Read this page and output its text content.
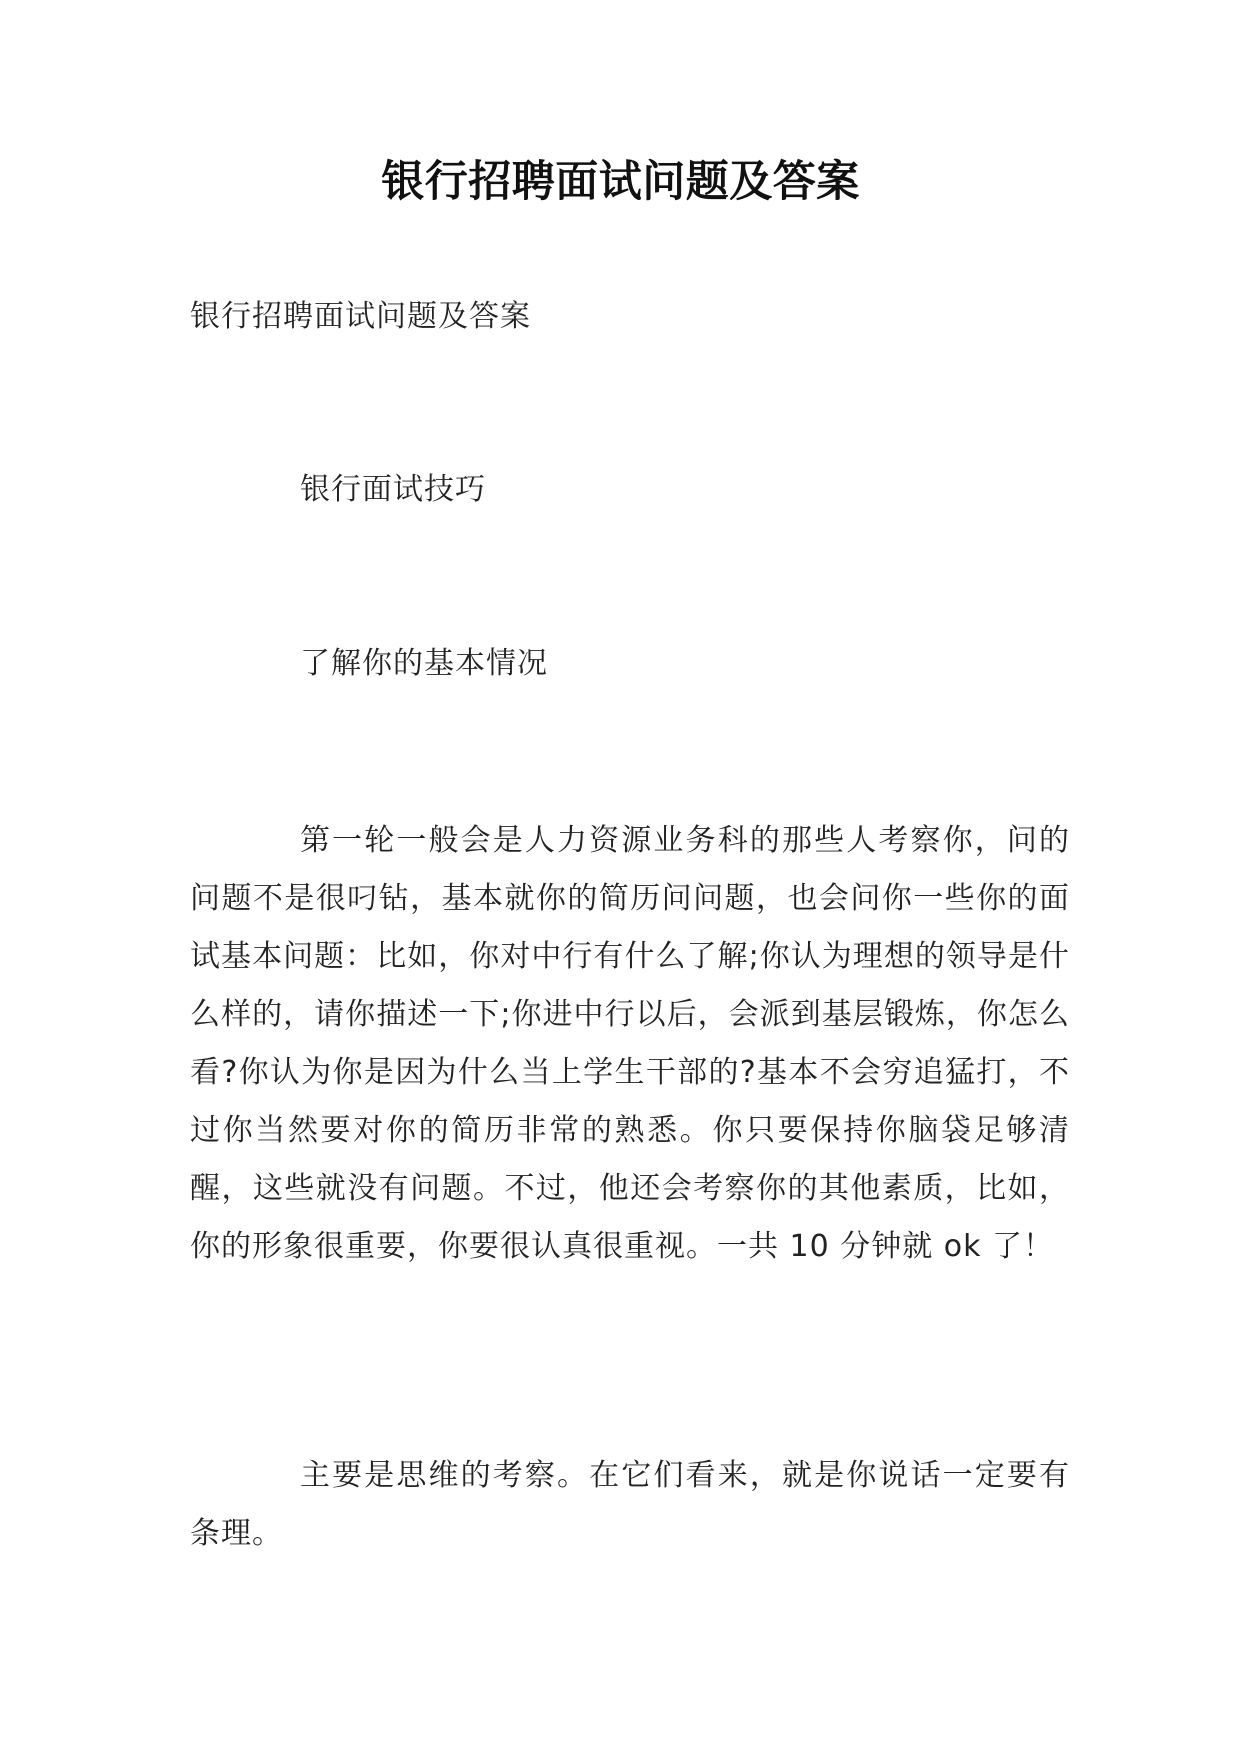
银行招聘面试问题及答案
银行招聘面试问题及答案
银行面试技巧
了解你的基本情况

第一轮一般会是人力资源业务科的那些人考察你，问的问题不是很叼钻，基本就你的简历问问题，也会问你一些你的面试基本问题：比如，你对中行有什么了解;你认为理想的领导是什么样的，请你描述一下;你进中行以后，会派到基层锻炼，你怎么看?你认为你是因为什么当上学生干部的?基本不会穷追猛打，不过你当然要对你的简历非常的熟悉。你只要保持你脑袋足够清醒，这些就没有问题。不过，他还会考察你的其他素质，比如，你的形象很重要，你要很认真很重视。一共 10 分钟就 ok 了！

主要是思维的考察。在它们看来，就是你说话一定要有条理。
